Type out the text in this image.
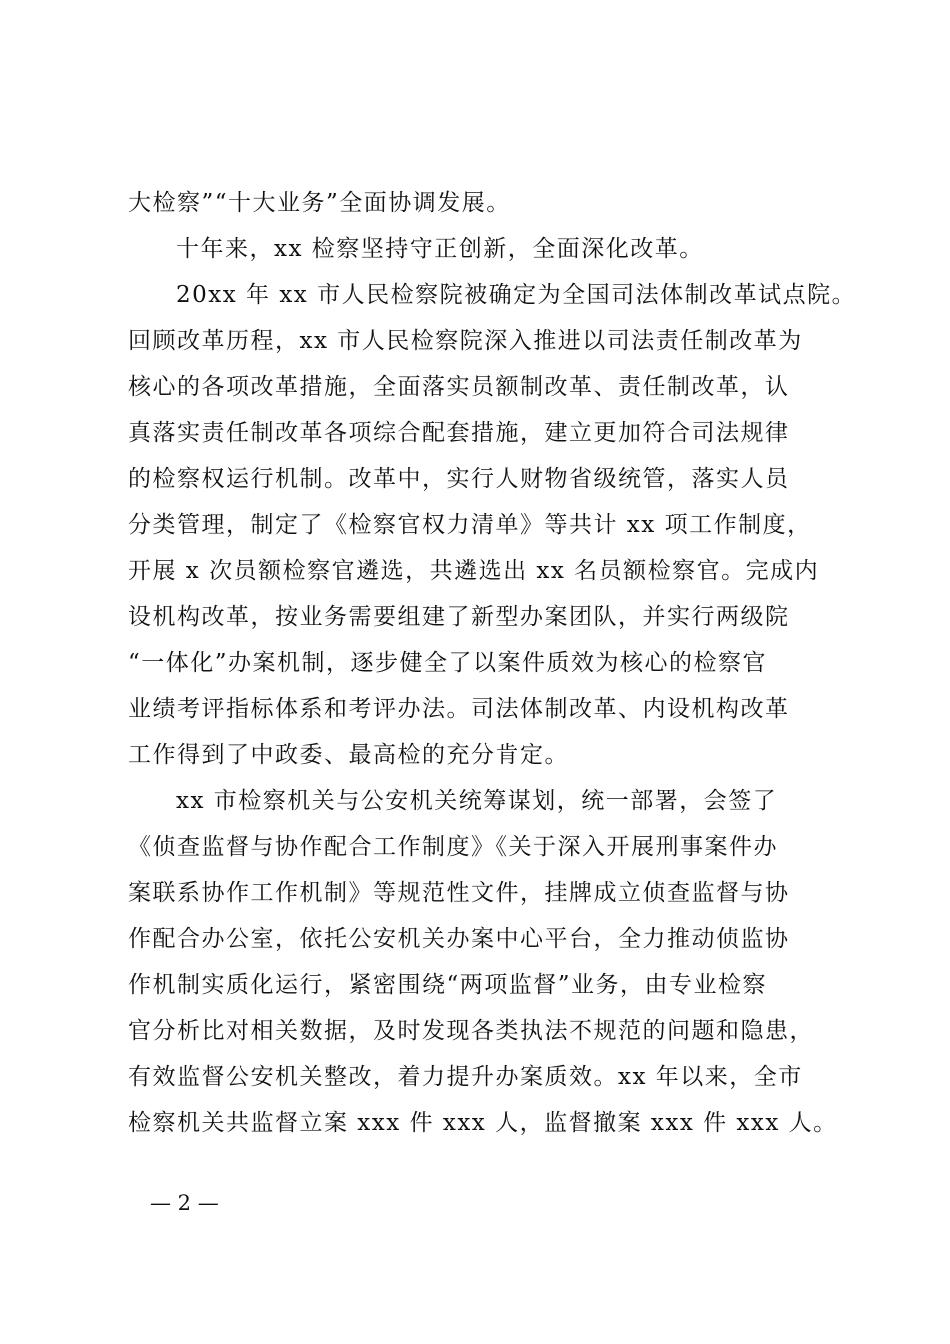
大检察”“十大业务”全面协调发展。
十年来，xx 检察坚持守正创新，全面深化改革。
20xx 年 xx 市人民检察院被确定为全国司法体制改革试点院。
回顾改革历程，xx 市人民检察院深入推进以司法责任制改革为
核心的各项改革措施，全面落实员额制改革、责任制改革，认
真落实责任制改革各项综合配套措施，建立更加符合司法规律
的检察权运行机制。改革中，实行人财物省级统管，落实人员
分类管理，制定了《检察官权力清单》等共计 xx 项工作制度，
开展 x 次员额检察官遴选，共遴选出 xx 名员额检察官。完成内
设机构改革，按业务需要组建了新型办案团队，并实行两级院
“一体化”办案机制，逐步健全了以案件质效为核心的检察官
业绩考评指标体系和考评办法。司法体制改革、内设机构改革
工作得到了中政委、最高检的充分肯定。
xx 市检察机关与公安机关统筹谋划，统一部署，会签了
《侦查监督与协作配合工作制度》《关于深入开展刑事案件办
案联系协作工作机制》等规范性文件，挂牌成立侦查监督与协
作配合办公室，依托公安机关办案中心平台，全力推动侦监协
作机制实质化运行，紧密围绕“两项监督”业务，由专业检察
官分析比对相关数据，及时发现各类执法不规范的问题和隐患，
有效监督公安机关整改，着力提升办案质效。xx 年以来，全市
检察机关共监督立案 xxx 件 xxx 人，监督撤案 xxx 件 xxx 人。
— 2 —
